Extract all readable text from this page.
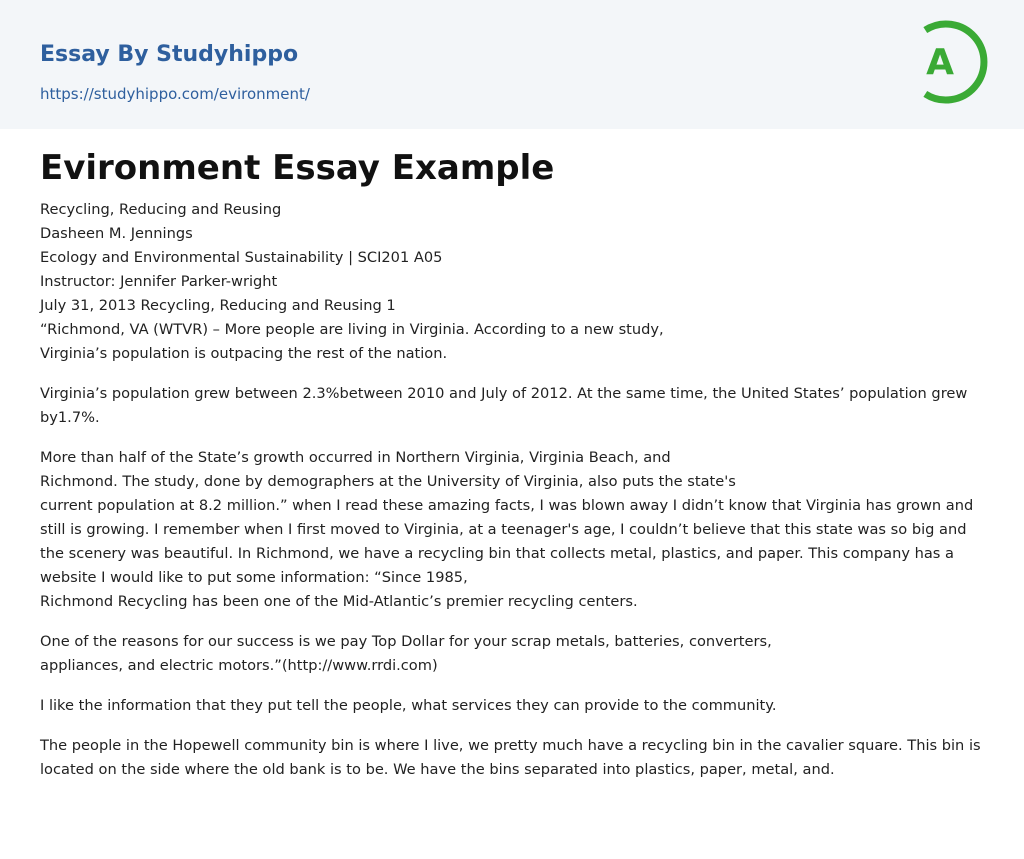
Essay By Studyhippo
https://studyhippo.com/evironment/
A
Evironment Essay Example

Recycling, Reducing and Reusing

Dasheen M. Jennings

Ecology and Environmental Sustainability | SCI201 A05

Instructor: Jennifer Parker-wright

July 31, 2013 Recycling, Reducing and Reusing 1

“Richmond, VA (WTVR) – More people are living in Virginia. According to a new study,

Virginia’s population is outpacing the rest of the nation.

Virginia’s population grew between 2.3%between 2010 and July of 2012. At the same time, the United States’ population grew by1.7%.

More than half of the State’s growth occurred in Northern Virginia, Virginia Beach, and
Richmond. The study, done by demographers at the University of Virginia, also puts the state's
current population at 8.2 million.” when I read these amazing facts, I was blown away I didn’t know that Virginia has grown and still is growing. I remember when I first moved to Virginia, at a teenager's age, I couldn’t believe that this state was so big and the scenery was beautiful. In Richmond, we have a recycling bin that collects metal, plastics, and paper. This company has a website I would like to put some information: “Since 1985,
Richmond Recycling has been one of the Mid-Atlantic’s premier recycling centers.

One of the reasons for our success is we pay Top Dollar for your scrap metals, batteries, converters,
appliances, and electric motors.”(http://www.rrdi.com)

I like the information that they put tell the people, what services they can provide to the community.

The people in the Hopewell community bin is where I live, we pretty much have a recycling bin in the cavalier square. This bin is located on the side where the old bank is to be. We have the bins separated into plastics, paper, metal, and.
